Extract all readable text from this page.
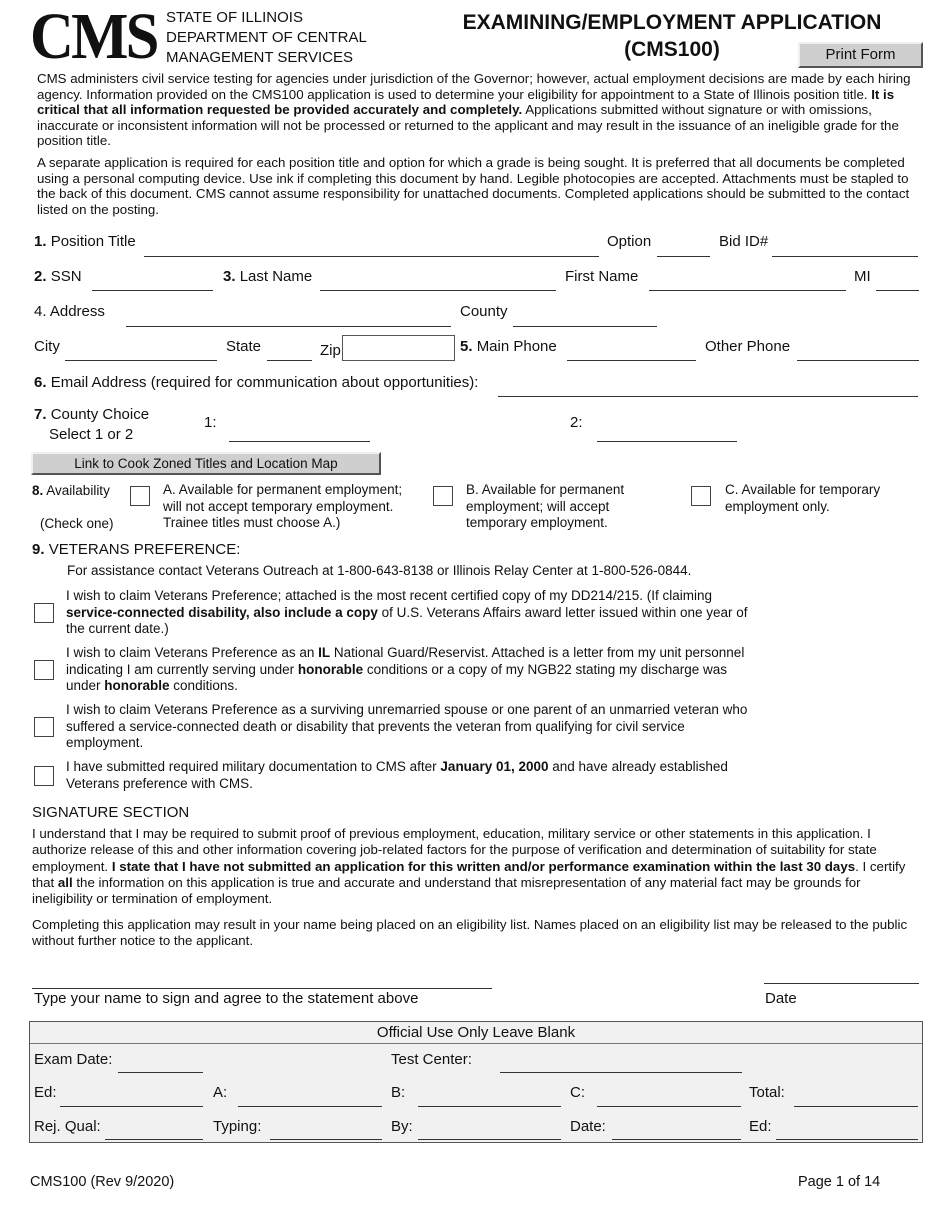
CMS STATE OF ILLINOIS
DEPARTMENT OF CENTRAL
MANAGEMENT SERVICES
EXAMINING/EMPLOYMENT APPLICATION
(CMS100)	Print Form
CMS administers civil service testing for agencies under jurisdiction of the Governor; however, actual employment decisions are made by each hiring agency. Information provided on the CMS100 application is used to determine your eligibility for appointment to a State of Illinois position title. It is critical that all information requested be provided accurately and completely. Applications submitted without signature or with omissions, inaccurate or inconsistent information will not be processed or returned to the applicant and may result in the issuance of an ineligible grade for the position title.
A separate application is required for each position title and option for which a grade is being sought. It is preferred that all documents be completed using a personal computing device. Use ink if completing this document by hand. Legible photocopies are accepted. Attachments must be stapled to the back of this document. CMS cannot assume responsibility for unattached documents. Completed applications should be submitted to the contact listed on the posting.
1. Position Title	Option	Bid ID#
2. SSN	3. Last Name	First Name	MI
4. Address	County
City	State	Zip	5. Main Phone	Other Phone
6. Email Address (required for communication about opportunities):
7. County Choice
Select 1 or 2
1:	2:
Link to Cook Zoned Titles and Location Map
8. Availability
(Check one)
A. Available for permanent employment; will not accept temporary employment. Trainee titles must choose A.)
B. Available for permanent employment; will accept temporary employment.
C. Available for temporary employment only.
9. VETERANS PREFERENCE:
For assistance contact Veterans Outreach at 1-800-643-8138 or Illinois Relay Center at 1-800-526-0844.
I wish to claim Veterans Preference; attached is the most recent certified copy of my DD214/215. (If claiming service-connected disability, also include a copy of U.S. Veterans Affairs award letter issued within one year of the current date.)
I wish to claim Veterans Preference as an IL National Guard/Reservist. Attached is a letter from my unit personnel indicating I am currently serving under honorable conditions or a copy of my NGB22 stating my discharge was under honorable conditions.
I wish to claim Veterans Preference as a surviving unremarried spouse or one parent of an unmarried veteran who suffered a service-connected death or disability that prevents the veteran from qualifying for civil service employment.
I have submitted required military documentation to CMS after January 01, 2000 and have already established Veterans preference with CMS.
SIGNATURE SECTION
I understand that I may be required to submit proof of previous employment, education, military service or other statements in this application. I authorize release of this and other information covering job-related factors for the purpose of verification and determination of suitability for state employment. I state that I have not submitted an application for this written and/or performance examination within the last 30 days. I certify that all the information on this application is true and accurate and understand that misrepresentation of any material fact may be grounds for ineligibility or termination of employment.
Completing this application may result in your name being placed on an eligibility list. Names placed on an eligibility list may be released to the public without further notice to the applicant.
Type your name to sign and agree to the statement above	Date
Official Use Only Leave Blank
Exam Date:	Test Center:
Ed:	A:	B:	C:	Total:
Rej. Qual:	Typing:	By:	Date:	Ed:
CMS100 (Rev 9/2020)	Page 1 of 14
